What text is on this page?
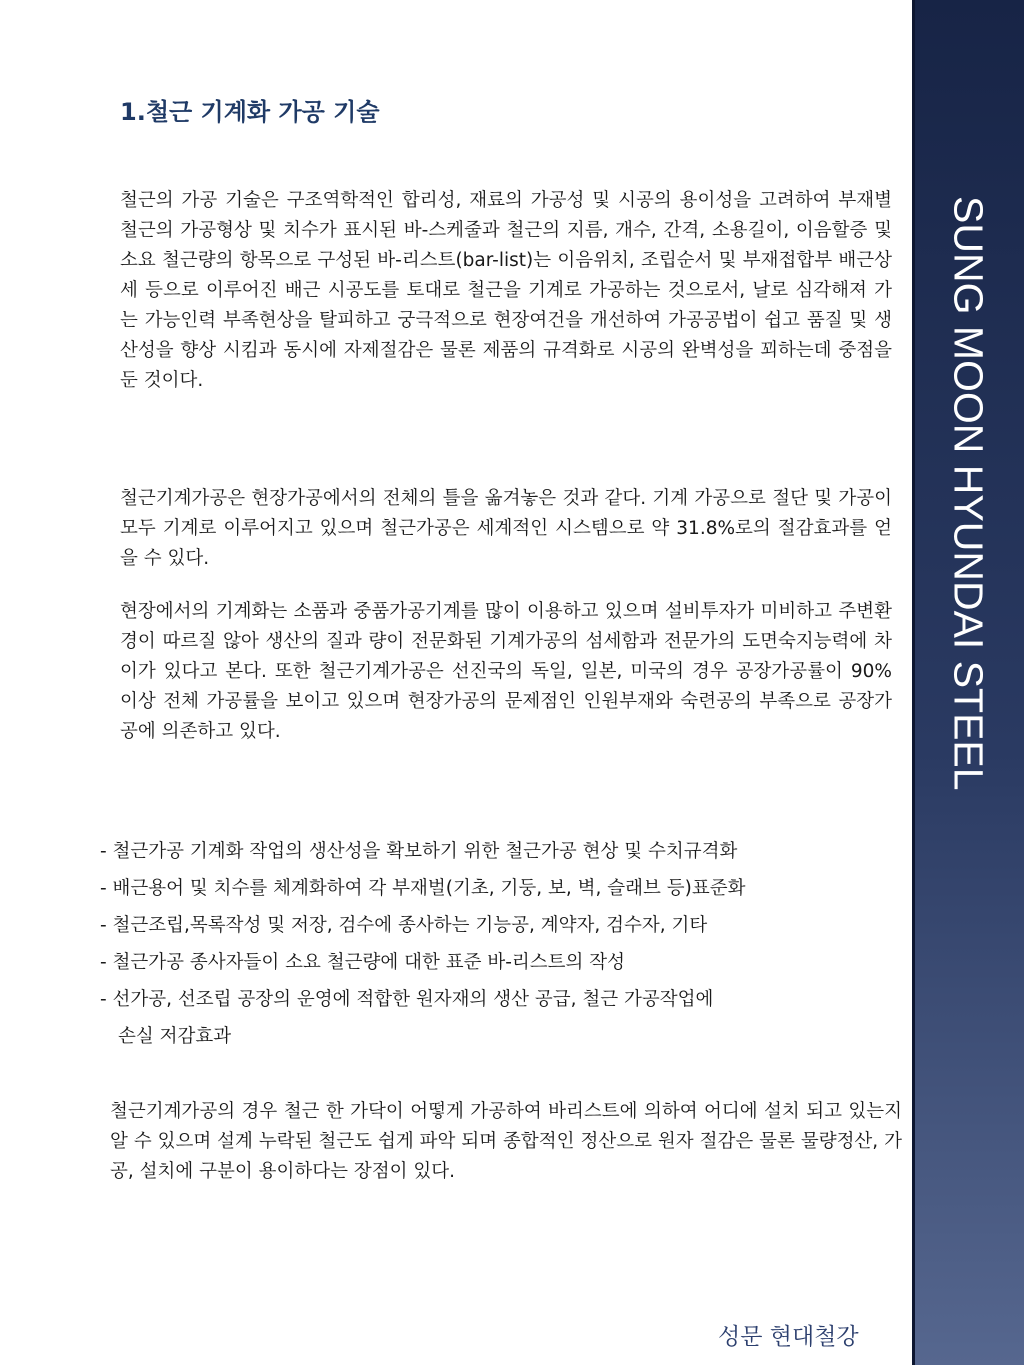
1.철근 기계화 가공 기술

철근의 가공 기술은 구조역학적인 합리성, 재료의 가공성 및 시공의 용이성을 고려하여 부재별 철근의 가공형상 및 치수가 표시된 바-스케줄과 철근의 지름, 개수, 간격, 소용길이, 이음할증 및 소요 철근량의 항목으로 구성된 바-리스트(bar-list)는 이음위치, 조립순서 및 부재접합부 배근상세 등으로 이루어진 배근 시공도를 토대로 철근을 기계로 가공하는 것으로서, 날로 심각해져 가는 가능인력 부족현상을 탈피하고 궁극적으로 현장여건을 개선하여 가공공법이 쉽고 품질 및 생산성을 향상 시킴과 동시에 자제절감은 물론 제품의 규격화로 시공의 완벽성을 꾀하는데 중점을 둔 것이다.

철근기계가공은 현장가공에서의 전체의 틀을 옮겨놓은 것과 같다. 기계 가공으로 절단 및 가공이 모두 기계로 이루어지고 있으며 철근가공은 세계적인 시스템으로 약 31.8%로의 절감효과를 얻을 수 있다.

현장에서의 기계화는 소품과 중품가공기계를 많이 이용하고 있으며 설비투자가 미비하고 주변환경이 따르질 않아 생산의 질과 량이 전문화된 기계가공의 섬세함과 전문가의 도면숙지능력에 차이가 있다고 본다. 또한 철근기계가공은 선진국의 독일, 일본, 미국의 경우 공장가공률이 90% 이상 전체 가공률을 보이고 있으며 현장가공의 문제점인 인원부재와 숙련공의 부족으로 공장가공에 의존하고 있다.

- 철근가공 기계화 작업의 생산성을 확보하기 위한 철근가공 현상 및 수치규격화
- 배근용어 및 치수를 체계화하여 각 부재벌(기초, 기둥, 보, 벽, 슬래브 등)표준화
- 철근조립,목록작성 및 저장, 검수에 종사하는 기능공, 계약자, 검수자, 기타
- 철근가공 종사자들이 소요 철근량에 대한 표준 바-리스트의 작성
- 선가공, 선조립 공장의 운영에 적합한 원자재의 생산 공급, 철근 가공작업에
손실 저감효과

철근기계가공의 경우 철근 한 가닥이 어떻게 가공하여 바리스트에 의하여 어디에 설치 되고 있는지 알 수 있으며 설계 누락된 철근도 쉽게 파악 되며 종합적인 정산으로 원자 절감은 물론 물량정산, 가공, 설치에 구분이 용이하다는 장점이 있다.

SUNG MOON HYUNDAI STEEL
성문 현대철강
